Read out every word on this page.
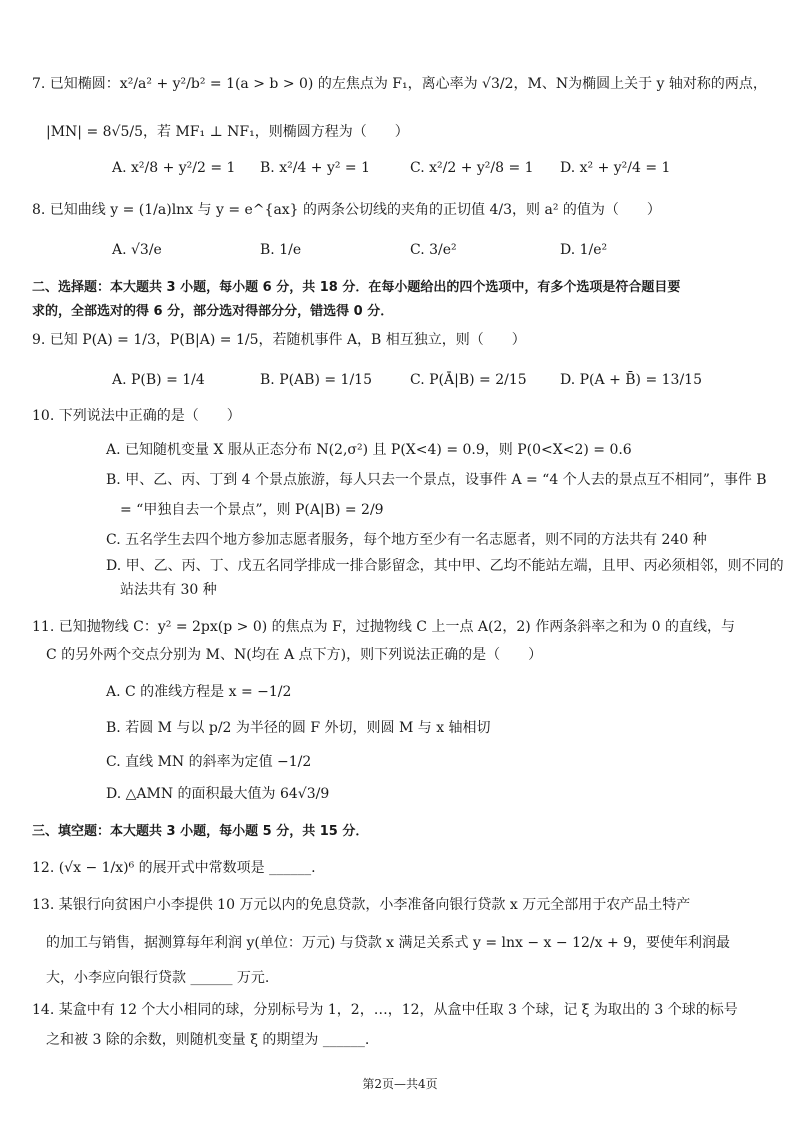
7. 已知椭圆：x²/a² + y²/b² = 1(a > b > 0) 的左焦点为 F₁，离心率为 √3/2，M、N为椭圆上关于 y 轴对称的两点，
|MN| = 8√5/5，若 MF₁ ⊥ NF₁，则椭圆方程为（　　）
A. x²/8 + y²/2 = 1 B. x²/4 + y² = 1	C. x²/2 + y²/8 = 1 D. x² + y²/4 = 1
8. 已知曲线 y = (1/a)lnx 与 y = e^{ax} 的两条公切线的夹角的正切值 4/3，则 a² 的值为（　　）
A. √3/e	B. 1/e	C. 3/e²	D. 1/e²
二、选择题：本大题共 3 小题，每小题 6 分，共 18 分．在每小题给出的四个选项中，有多个选项是符合题目要
求的，全部选对的得 6 分，部分选对得部分分，错选得 0 分．
9. 已知 P(A) = 1/3，P(B|A) = 1/5，若随机事件 A，B 相互独立，则（　　）
A. P(B) = 1/4	B. P(AB) = 1/15	C. P(Ā|B) = 2/15 D. P(A + B̄) = 13/15
10. 下列说法中正确的是（　　）
A. 已知随机变量 X 服从正态分布 N(2,σ²) 且 P(X<4) = 0.9，则 P(0<X<2) = 0.6
B. 甲、乙、丙、丁到 4 个景点旅游，每人只去一个景点，设事件 A = “4 个人去的景点互不相同”，事件 B
= “甲独自去一个景点”，则 P(A|B) = 2/9
C. 五名学生去四个地方参加志愿者服务，每个地方至少有一名志愿者，则不同的方法共有 240 种
D. 甲、乙、丙、丁、戊五名同学排成一排合影留念，其中甲、乙均不能站左端，且甲、丙必须相邻，则不同的
站法共有 30 种
11. 已知抛物线 C：y² = 2px(p > 0) 的焦点为 F，过抛物线 C 上一点 A(2，2) 作两条斜率之和为 0 的直线，与
C 的另外两个交点分别为 M、N(均在 A 点下方)，则下列说法正确的是（　　）
A. C 的准线方程是 x = −1/2
B. 若圆 M 与以 p/2 为半径的圆 F 外切，则圆 M 与 x 轴相切
C. 直线 MN 的斜率为定值 −1/2
D. △AMN 的面积最大值为 64√3/9
三、填空题：本大题共 3 小题，每小题 5 分，共 15 分．
12. (√x − 1/x)⁶ 的展开式中常数项是 ______.
13. 某银行向贫困户小李提供 10 万元以内的免息贷款，小李准备向银行贷款 x 万元全部用于农产品土特产
的加工与销售，据测算每年利润 y(单位：万元) 与贷款 x 满足关系式 y = lnx − x − 12/x + 9，要使年利润最
大，小李应向银行贷款 ______ 万元.
14. 某盒中有 12 个大小相同的球，分别标号为 1，2，…，12，从盒中任取 3 个球，记 ξ 为取出的 3 个球的标号
之和被 3 除的余数，则随机变量 ξ 的期望为 ______.
第2页—共4页
